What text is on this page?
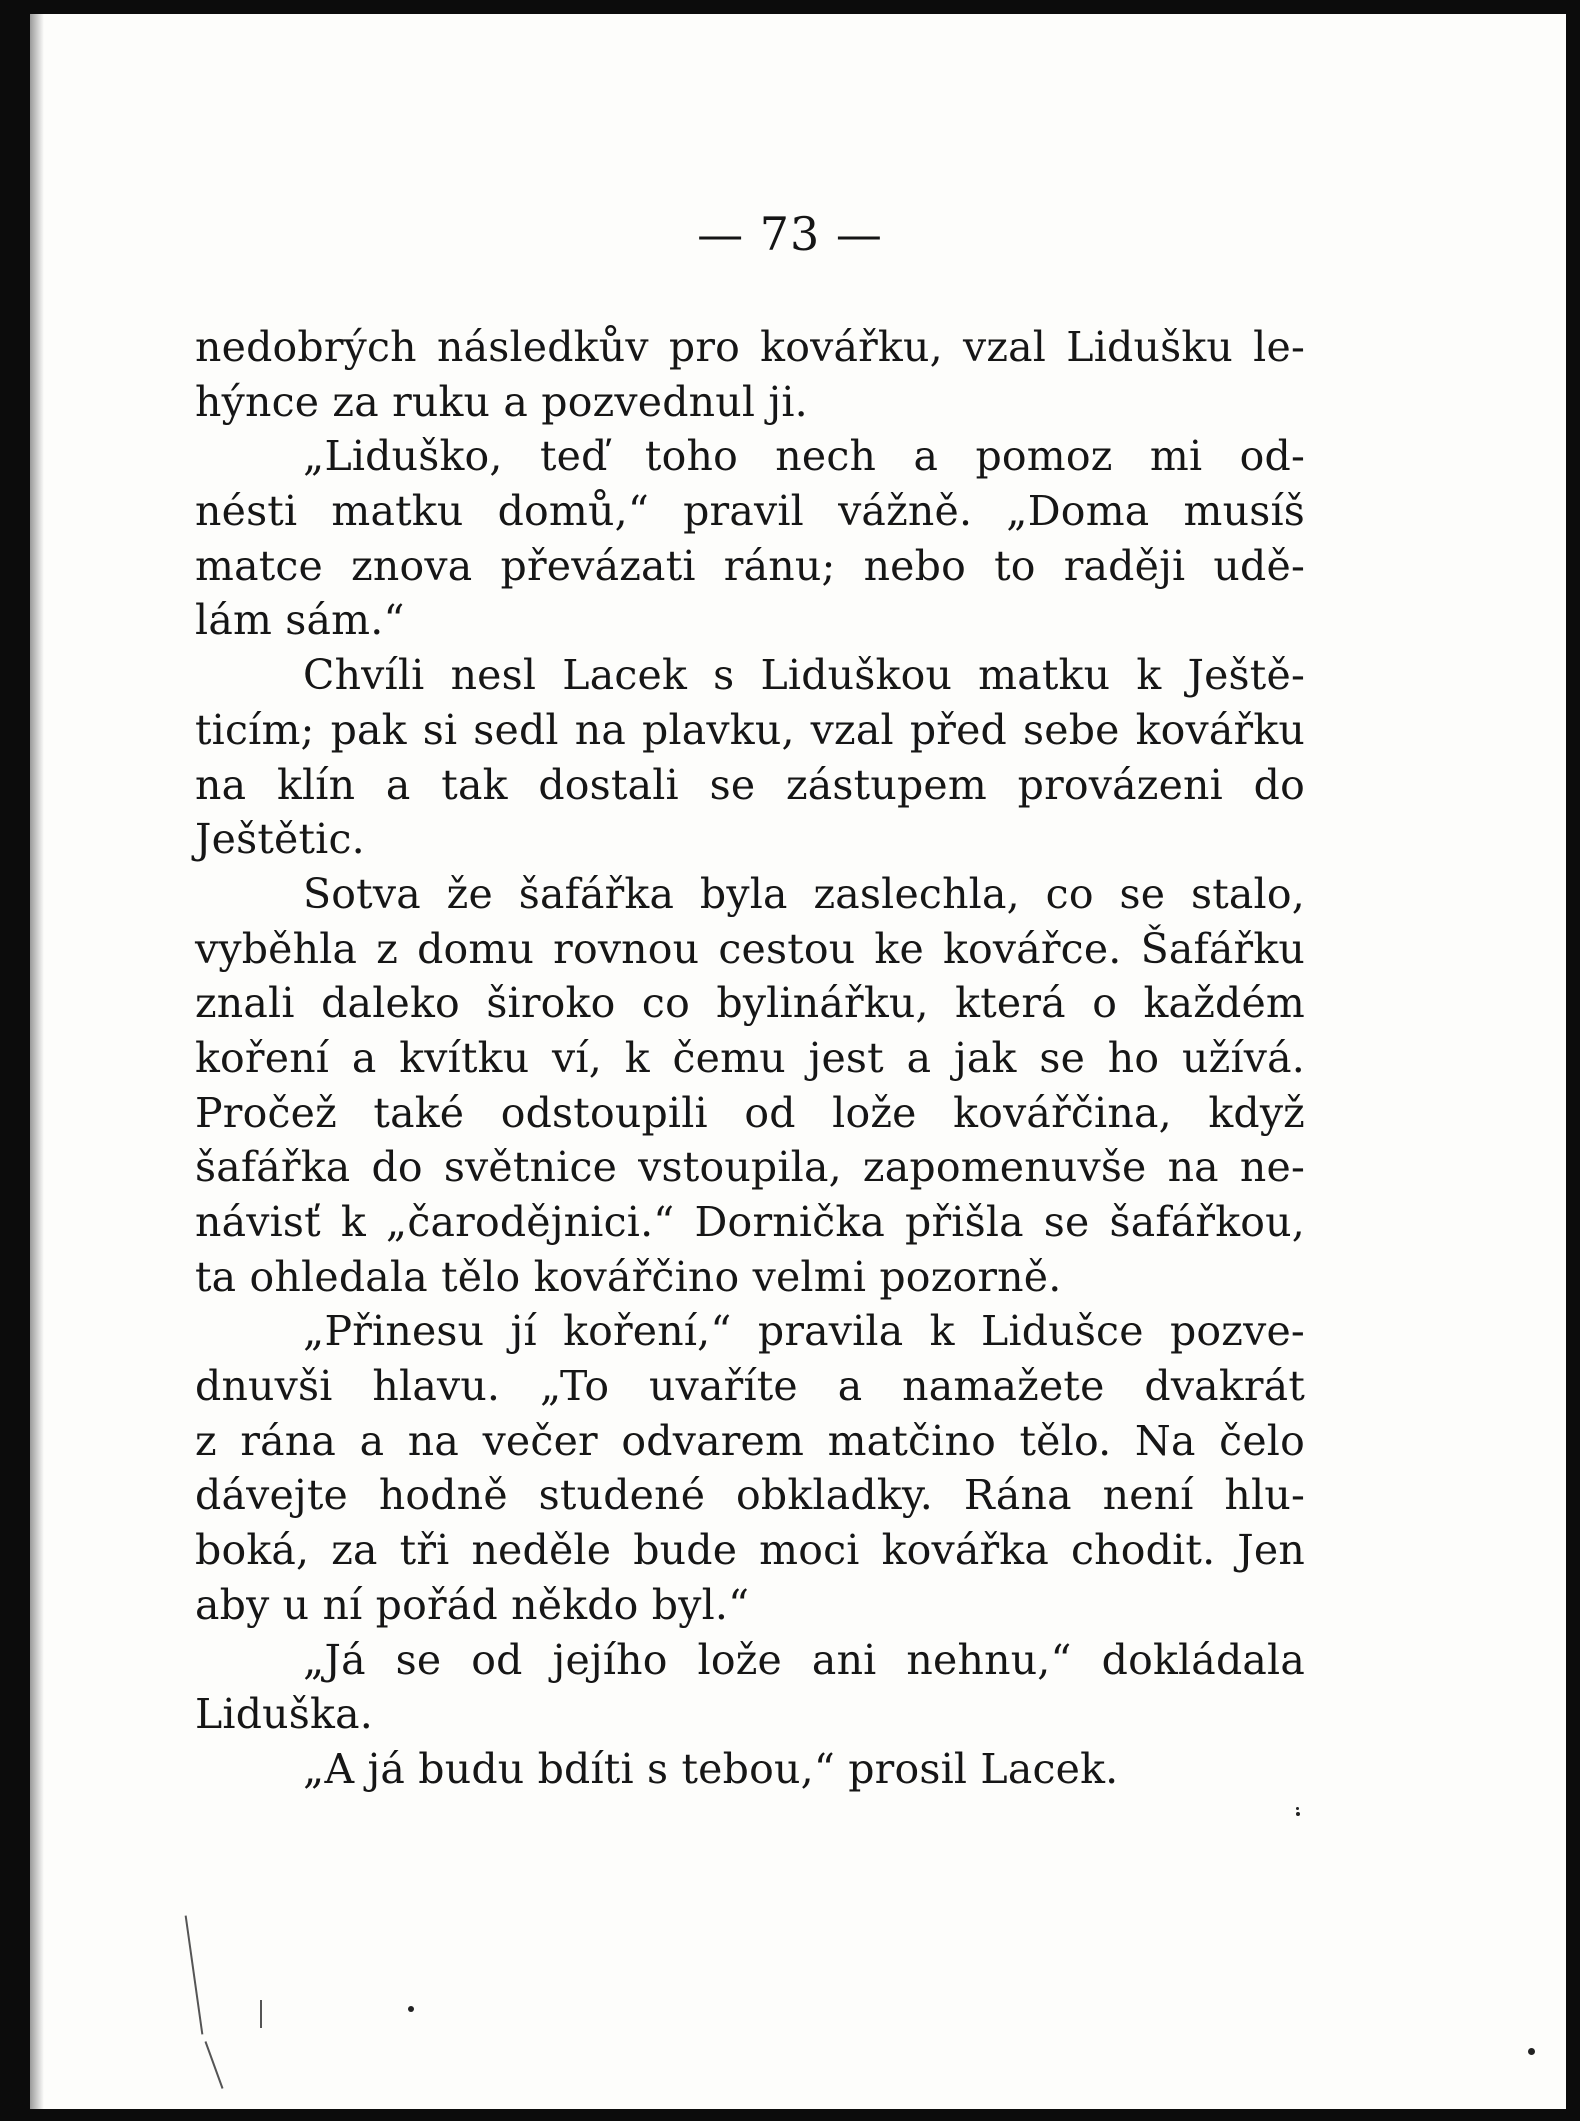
— 73 —
nedobrých následkův pro kovářku, vzal Lidušku le-
hýnce za ruku a pozvednul ji.
„Liduško, teď toho nech a pomoz mi od-
nésti matku domů,“ pravil vážně. „Doma musíš
matce znova převázati ránu; nebo to raději udě-
lám sám.“
Chvíli nesl Lacek s Liduškou matku k Ještě-
ticím; pak si sedl na plavku, vzal před sebe kovářku
na klín a tak dostali se zástupem provázeni do
Ještětic.
Sotva že šafářka byla zaslechla, co se stalo,
vyběhla z domu rovnou cestou ke kovářce. Šafářku
znali daleko široko co bylinářku, která o každém
koření a kvítku ví, k čemu jest a jak se ho užívá.
Pročež také odstoupili od lože kovářčina, když
šafářka do světnice vstoupila, zapomenuvše na ne-
návisť k „čarodějnici.“ Dornička přišla se šafářkou,
ta ohledala tělo kovářčino velmi pozorně.
„Přinesu jí koření,“ pravila k Lidušce pozve-
dnuvši hlavu. „To uvaříte a namažete dvakrát
z rána a na večer odvarem matčino tělo. Na čelo
dávejte hodně studené obkladky. Rána není hlu-
boká, za tři neděle bude moci kovářka chodit. Jen
aby u ní pořád někdo byl.“
„Já se od jejího lože ani nehnu,“ dokládala
Liduška.
„A já budu bdíti s tebou,“ prosil Lacek.
